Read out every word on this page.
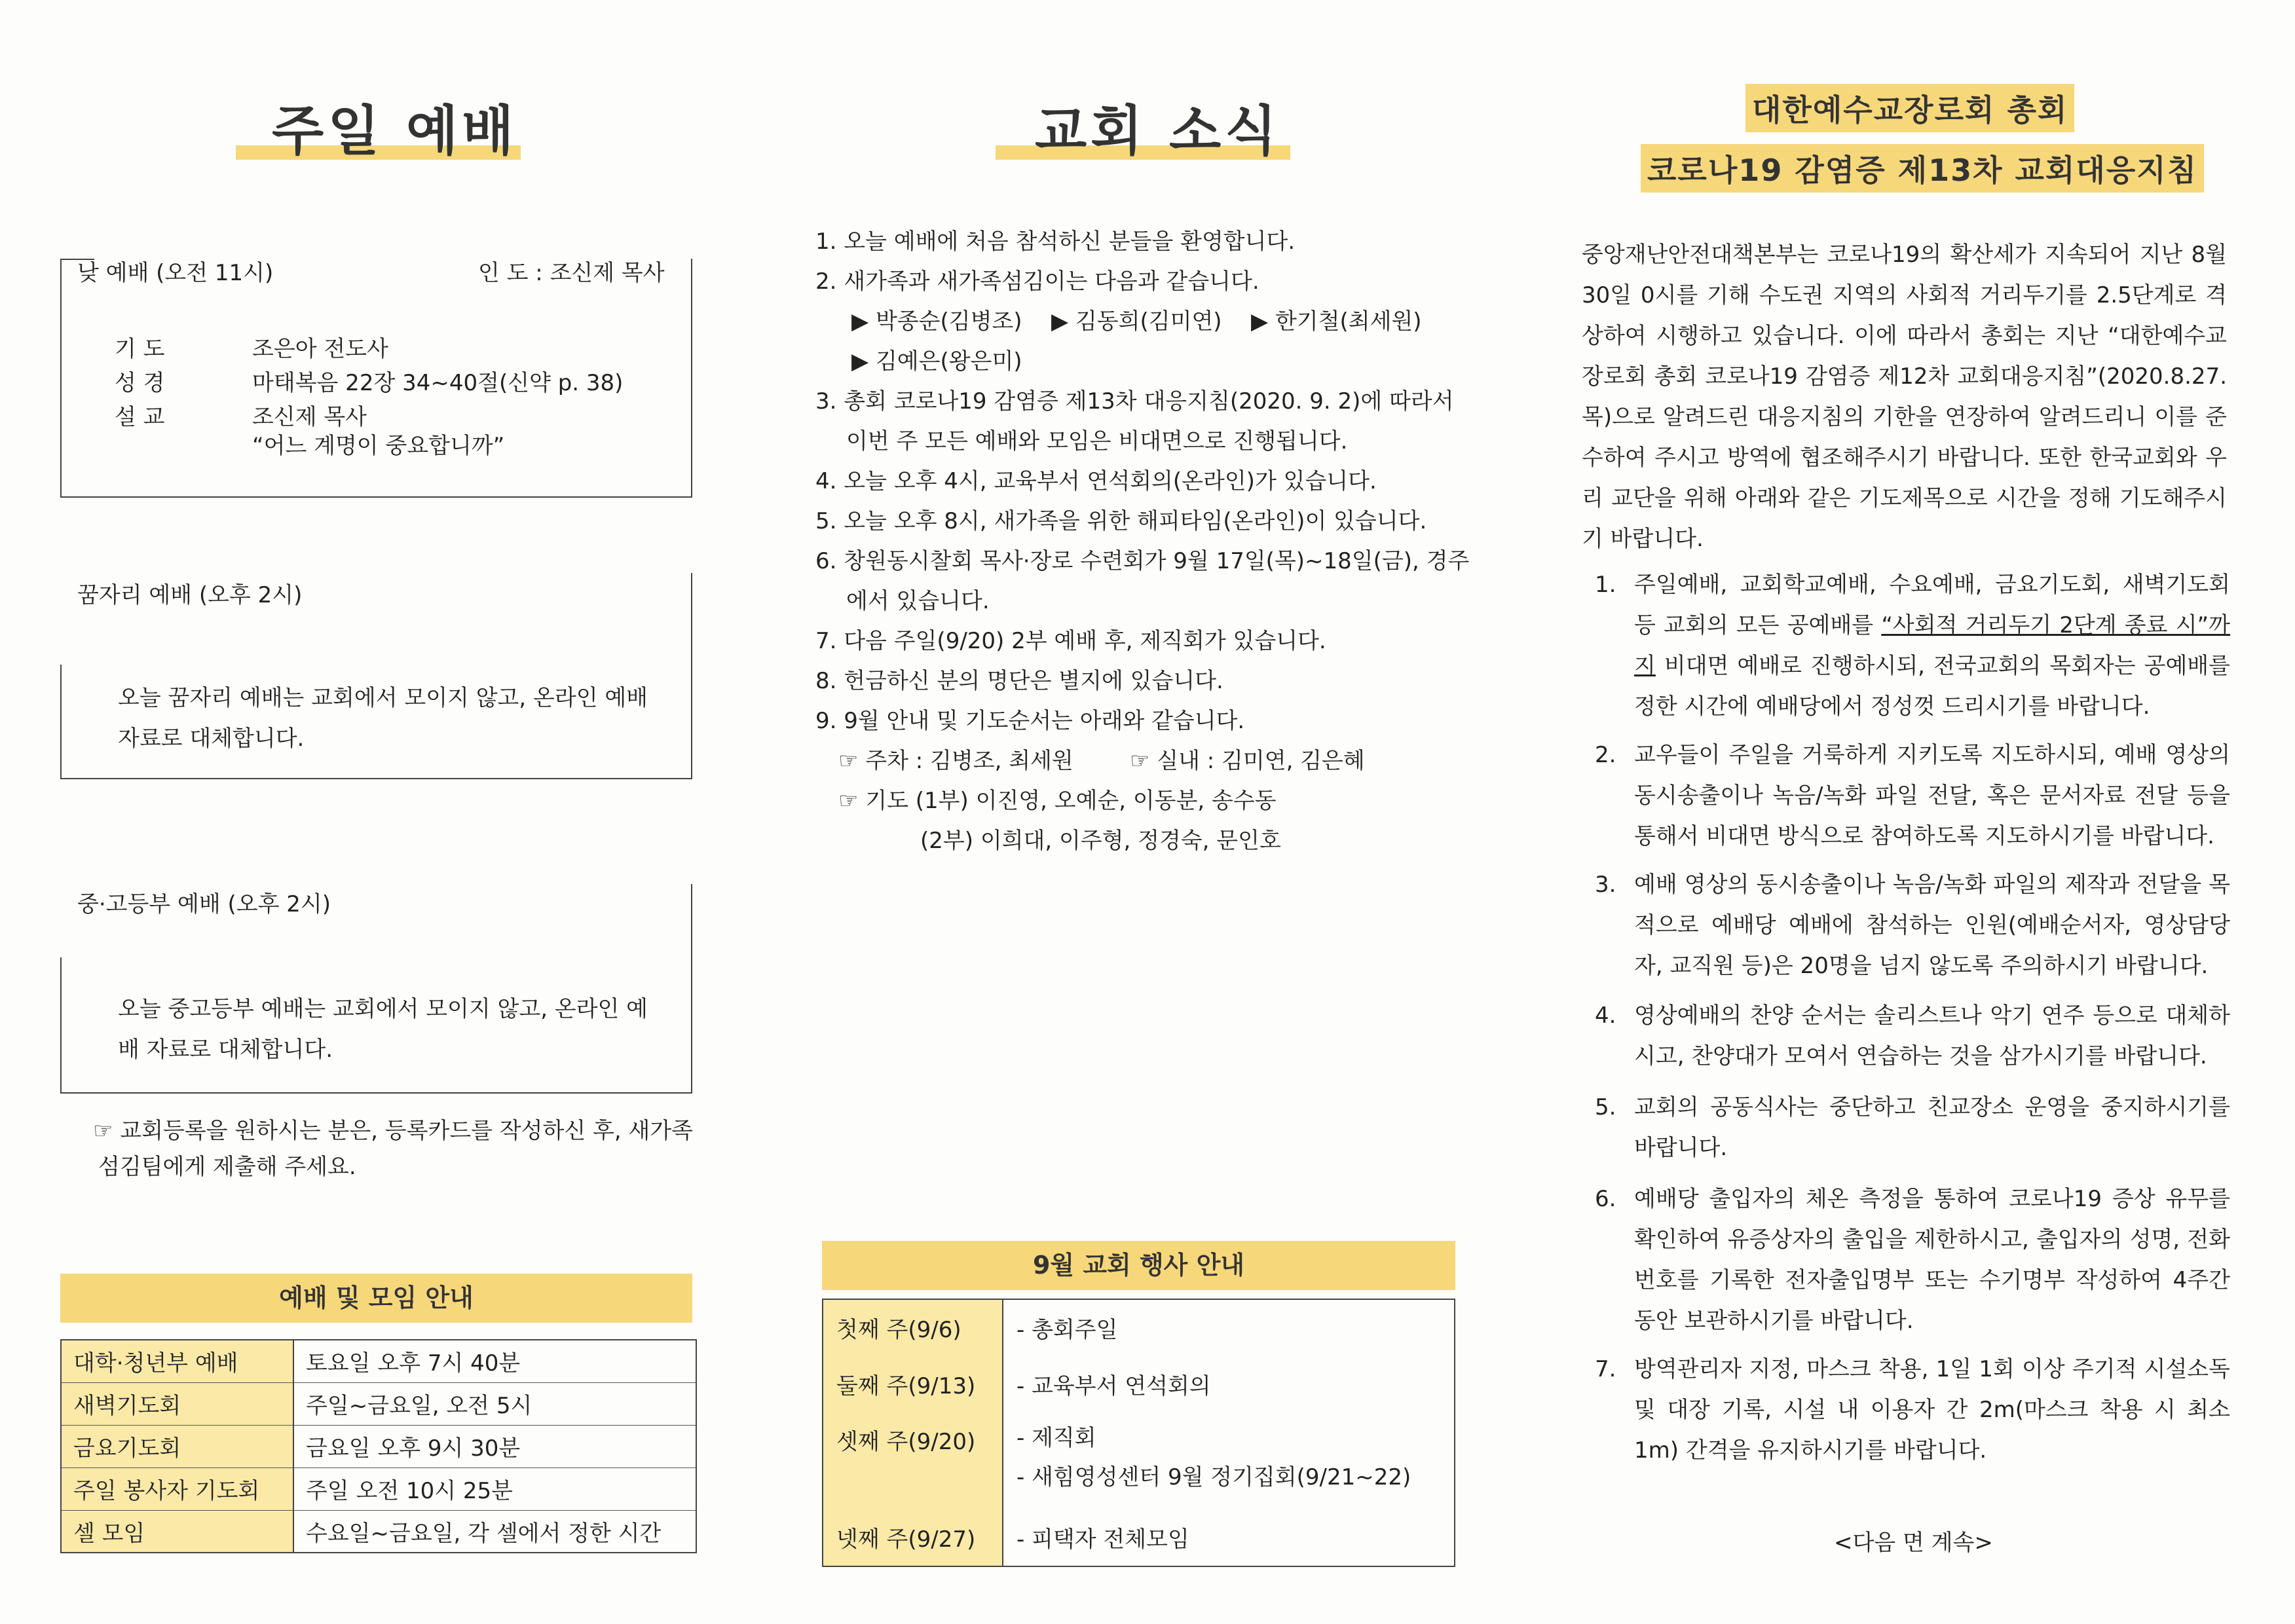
주일 예배
낮 예배 (오전 11시)	인 도 : 조신제 목사
기 도	조은아 전도사
성 경	마태복음 22장 34~40절(신약 p. 38)
설 교	조신제 목사
“어느 계명이 중요합니까”
꿈자리 예배 (오후 2시)
오늘 꿈자리 예배는 교회에서 모이지 않고, 온라인 예배 자료로 대체합니다.
중·고등부 예배 (오후 2시)
오늘 중고등부 예배는 교회에서 모이지 않고, 온라인 예배 자료로 대체합니다.
☞ 교회등록을 원하시는 분은, 등록카드를 작성하신 후, 새가족 섬김팀에게 제출해 주세요.
예배 및 모임 안내
대학·청년부 예배	토요일 오후 7시 40분
새벽기도회	주일~금요일, 오전 5시
금요기도회	금요일 오후 9시 30분
주일 봉사자 기도회	주일 오전 10시 25분
셀 모임	수요일~금요일, 각 셀에서 정한 시간
교회 소식
1. 오늘 예배에 처음 참석하신 분들을 환영합니다.
2. 새가족과 새가족섬김이는 다음과 같습니다.
▶ 박종순(김병조) ▶ 김동희(김미연) ▶ 한기철(최세원)
▶ 김예은(왕은미)
3. 총회 코로나19 감염증 제13차 대응지침(2020. 9. 2)에 따라서
이번 주 모든 예배와 모임은 비대면으로 진행됩니다.
4. 오늘 오후 4시, 교육부서 연석회의(온라인)가 있습니다.
5. 오늘 오후 8시, 새가족을 위한 해피타임(온라인)이 있습니다.
6. 창원동시찰회 목사·장로 수련회가 9월 17일(목)~18일(금), 경주
에서 있습니다.
7. 다음 주일(9/20) 2부 예배 후, 제직회가 있습니다.
8. 헌금하신 분의 명단은 별지에 있습니다.
9. 9월 안내 및 기도순서는 아래와 같습니다.
☞ 주차 : 김병조, 최세원	☞ 실내 : 김미연, 김은혜
☞ 기도 (1부) 이진영, 오예순, 이동분, 송수동
(2부) 이희대, 이주형, 정경숙, 문인호
9월 교회 행사 안내
첫째 주(9/6)	- 총회주일

둘째 주(9/13)	- 교육부서 연석회의

셋째 주(9/20)	- 제직회
- 새힘영성센터 9월 정기집회(9/21~22)

넷째 주(9/27)	- 피택자 전체모임
대한예수교장로회 총회
코로나19 감염증 제13차 교회대응지침
중앙재난안전대책본부는 코로나19의 확산세가 지속되어 지난 8월 30일 0시를 기해 수도권 지역의 사회적 거리두기를 2.5단계로 격상하여 시행하고 있습니다. 이에 따라서 총회는 지난 “대한예수교장로회 총회 코로나19 감염증 제12차 교회대응지침”(2020.8.27.목)으로 알려드린 대응지침의 기한을 연장하여 알려드리니 이를 준수하여 주시고 방역에 협조해주시기 바랍니다. 또한 한국교회와 우리 교단을 위해 아래와 같은 기도제목으로 시간을 정해 기도해주시기 바랍니다.
1. 주일예배, 교회학교예배, 수요예배, 금요기도회, 새벽기도회 등 교회의 모든 공예배를 “사회적 거리두기 2단계 종료 시”까지 비대면 예배로 진행하시되, 전국교회의 목회자는 공예배를 정한 시간에 예배당에서 정성껏 드리시기를 바랍니다.
2. 교우들이 주일을 거룩하게 지키도록 지도하시되, 예배 영상의 동시송출이나 녹음/녹화 파일 전달, 혹은 문서자료 전달 등을 통해서 비대면 방식으로 참여하도록 지도하시기를 바랍니다.
3. 예배 영상의 동시송출이나 녹음/녹화 파일의 제작과 전달을 목적으로 예배당 예배에 참석하는 인원(예배순서자, 영상담당자, 교직원 등)은 20명을 넘지 않도록 주의하시기 바랍니다.
4. 영상예배의 찬양 순서는 솔리스트나 악기 연주 등으로 대체하시고, 찬양대가 모여서 연습하는 것을 삼가시기를 바랍니다.
5. 교회의 공동식사는 중단하고 친교장소 운영을 중지하시기를 바랍니다.
6. 예배당 출입자의 체온 측정을 통하여 코로나19 증상 유무를 확인하여 유증상자의 출입을 제한하시고, 출입자의 성명, 전화번호를 기록한 전자출입명부 또는 수기명부 작성하여 4주간 동안 보관하시기를 바랍니다.
7. 방역관리자 지정, 마스크 착용, 1일 1회 이상 주기적 시설소독 및 대장 기록, 시설 내 이용자 간 2m(마스크 착용 시 최소 1m) 간격을 유지하시기를 바랍니다.
<다음 면 계속>
